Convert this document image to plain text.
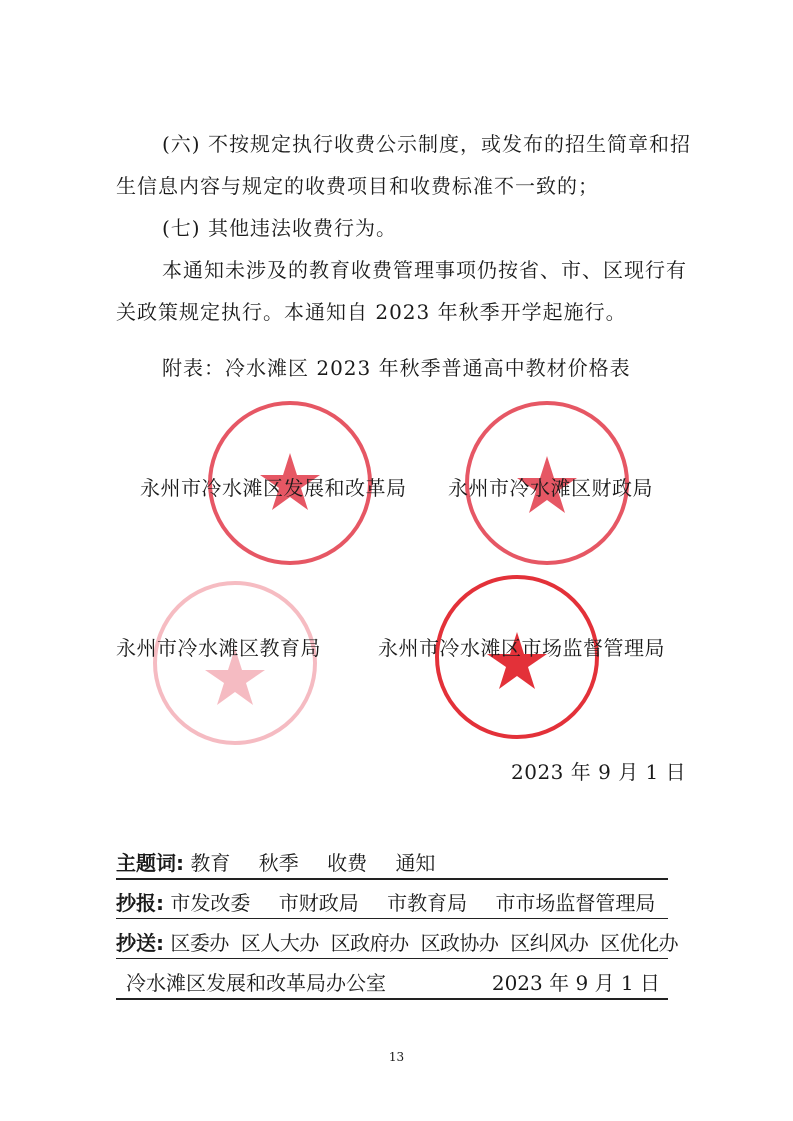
(六) 不按规定执行收费公示制度，或发布的招生简章和招
生信息内容与规定的收费项目和收费标准不一致的；
(七) 其他违法收费行为。
本通知未涉及的教育收费管理事项仍按省、市、区现行有
关政策规定执行。本通知自 2023 年秋季开学起施行。
附表：冷水滩区 2023 年秋季普通高中教材价格表
永州市冷水滩区发展和改革局 永州市冷水滩区财政局
永州市冷水滩区教育局	永州市冷水滩区市场监督管理局
2023 年 9 月 1 日
主题词: 教育 秋季 收费 通知
抄报: 市发改委 市财政局 市教育局 市市场监督管理局
抄送: 区委办 区人大办 区政府办 区政协办 区纠风办 区优化办
冷水滩区发展和改革局办公室	2023 年 9 月 1 日
13
